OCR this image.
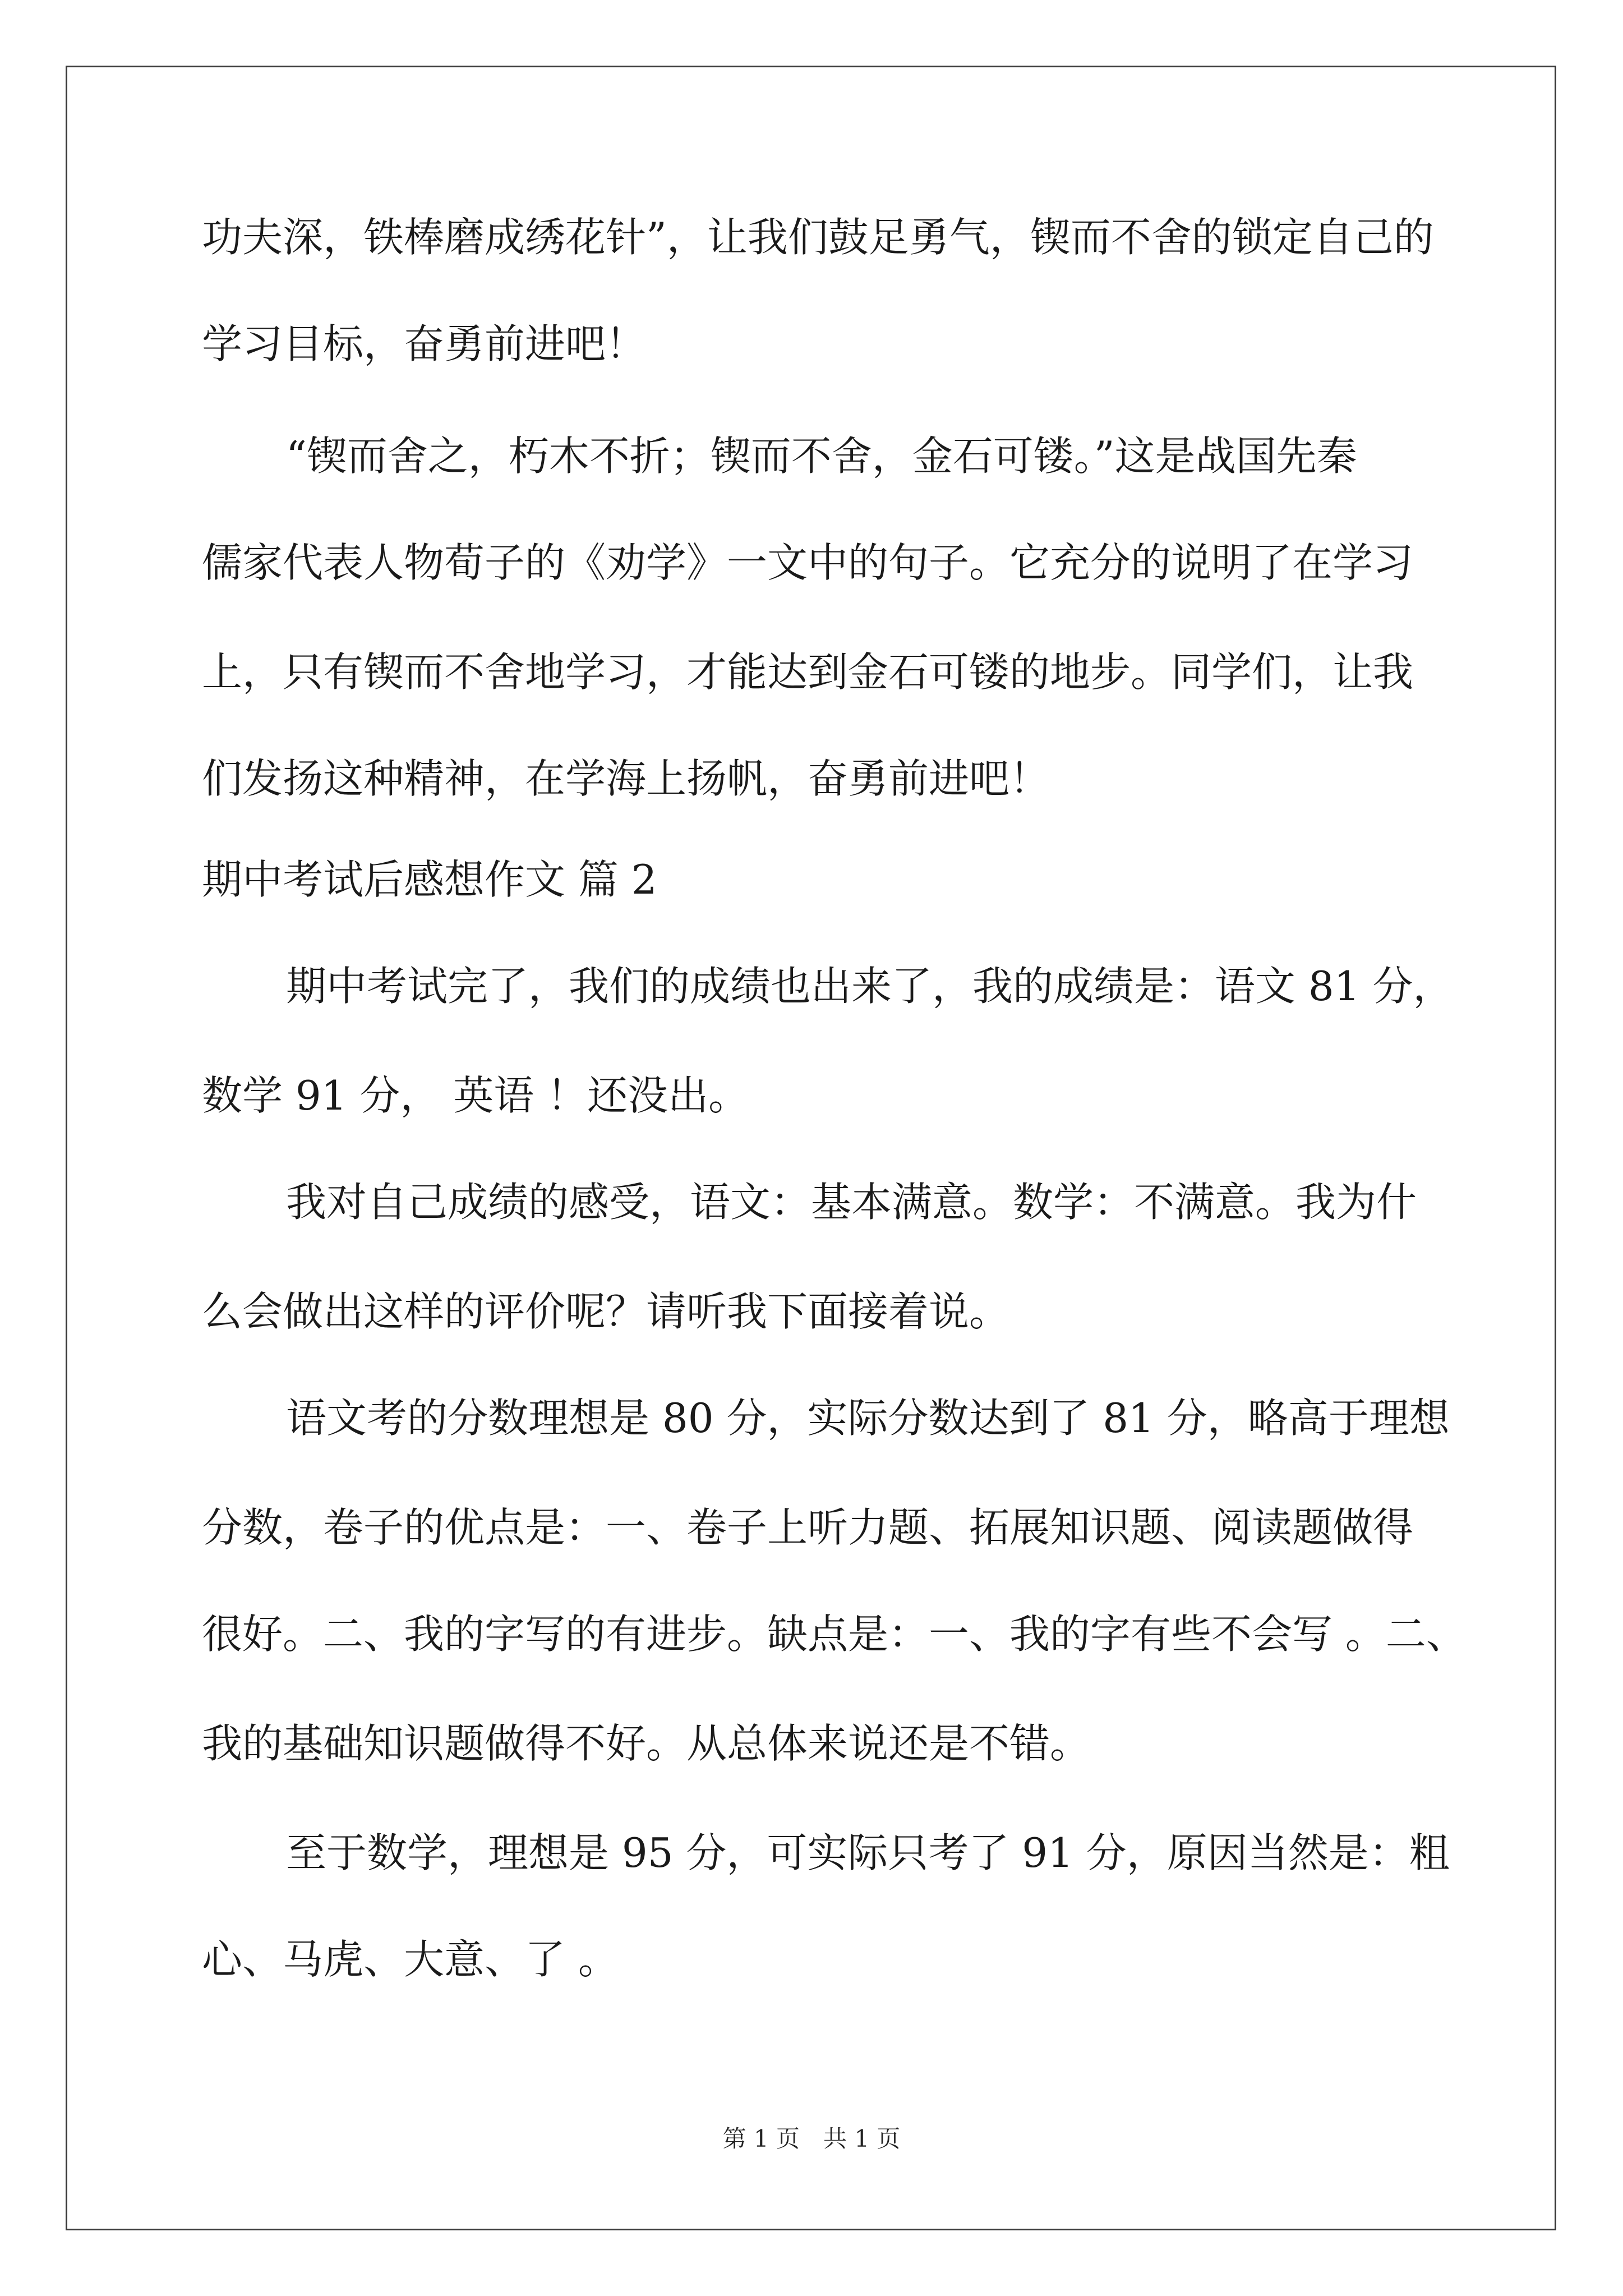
功夫深，铁棒磨成绣花针”，让我们鼓足勇气，锲而不舍的锁定自己的
学习目标，奋勇前进吧！
“锲而舍之，朽木不折；锲而不舍，金石可镂。”这是战国先秦
儒家代表人物荀子的《劝学》一文中的句子。它充分的说明了在学习
上，只有锲而不舍地学习，才能达到金石可镂的地步。同学们，让我
们发扬这种精神，在学海上扬帆，奋勇前进吧！
期中考试后感想作文 篇 2
期中考试完了，我们的成绩也出来了，我的成绩是：语文 81 分，
数学 91 分， 英语 ！还没出。
我对自己成绩的感受，语文：基本满意。数学：不满意。我为什
么会做出这样的评价呢？请听我下面接着说。
语文考的分数理想是 80 分，实际分数达到了 81 分，略高于理想
分数，卷子的优点是：一、卷子上听力题、拓展知识题、阅读题做得
很好。二、我的字写的有进步。缺点是：一、我的字有些不会写 。二、
我的基础知识题做得不好。从总体来说还是不错。
至于数学，理想是 95 分，可实际只考了 91 分，原因当然是：粗
心、马虎、大意、了 。
第 1 页　共 1 页
